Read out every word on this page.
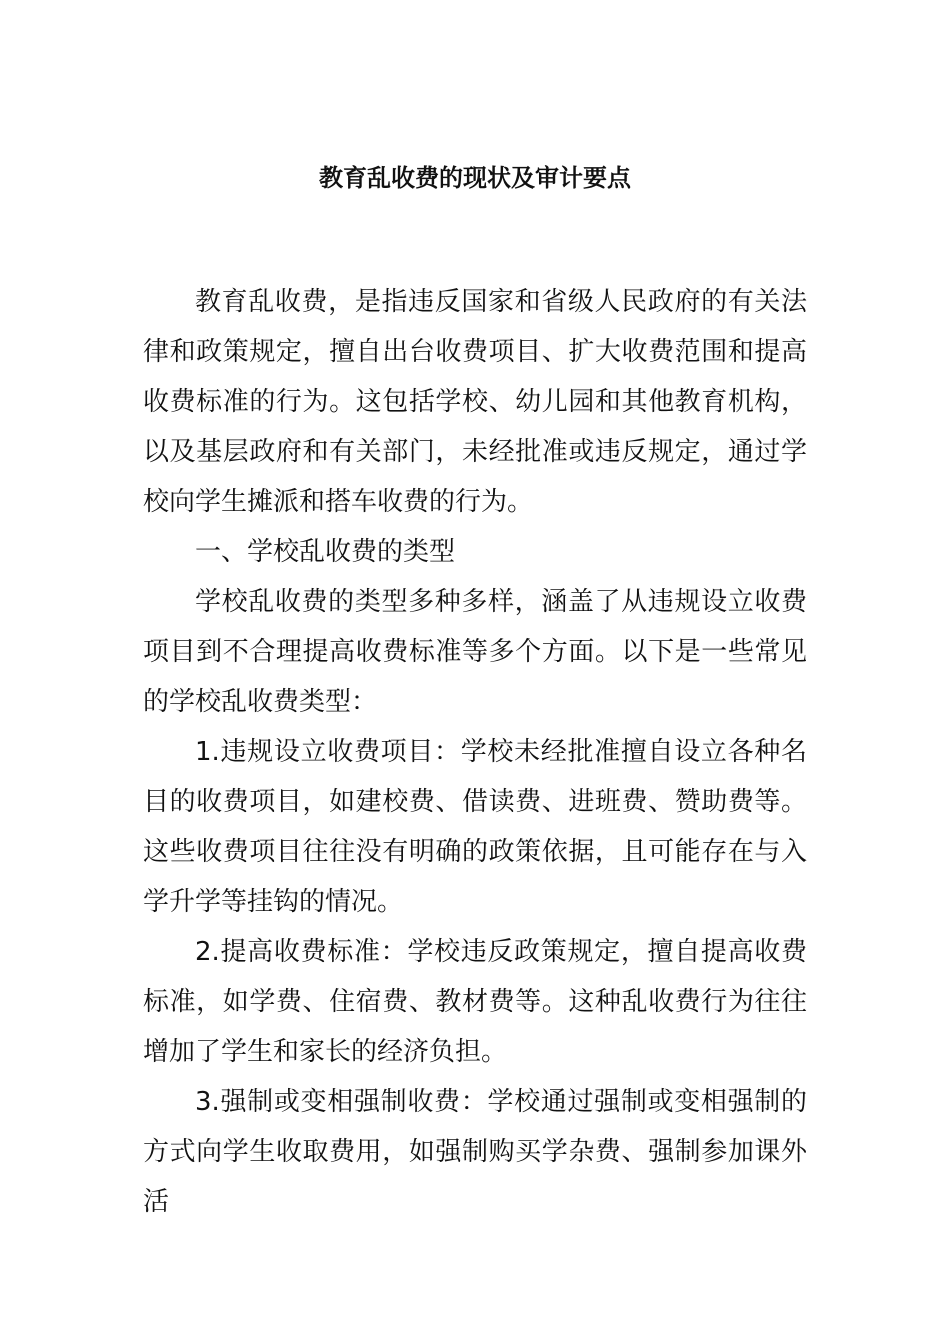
教育乱收费的现状及审计要点

教育乱收费，是指违反国家和省级人民政府的有关法律和政策规定，擅自出台收费项目、扩大收费范围和提高收费标准的行为。这包括学校、幼儿园和其他教育机构，以及基层政府和有关部门，未经批准或违反规定，通过学校向学生摊派和搭车收费的行为。

一、学校乱收费的类型

学校乱收费的类型多种多样，涵盖了从违规设立收费项目到不合理提高收费标准等多个方面。以下是一些常见的学校乱收费类型：

1.违规设立收费项目：学校未经批准擅自设立各种名目的收费项目，如建校费、借读费、进班费、赞助费等。这些收费项目往往没有明确的政策依据，且可能存在与入学升学等挂钩的情况。

2.提高收费标准：学校违反政策规定，擅自提高收费标准，如学费、住宿费、教材费等。这种乱收费行为往往增加了学生和家长的经济负担。

3.强制或变相强制收费：学校通过强制或变相强制的方式向学生收取费用，如强制购买学杂费、强制参加课外活
